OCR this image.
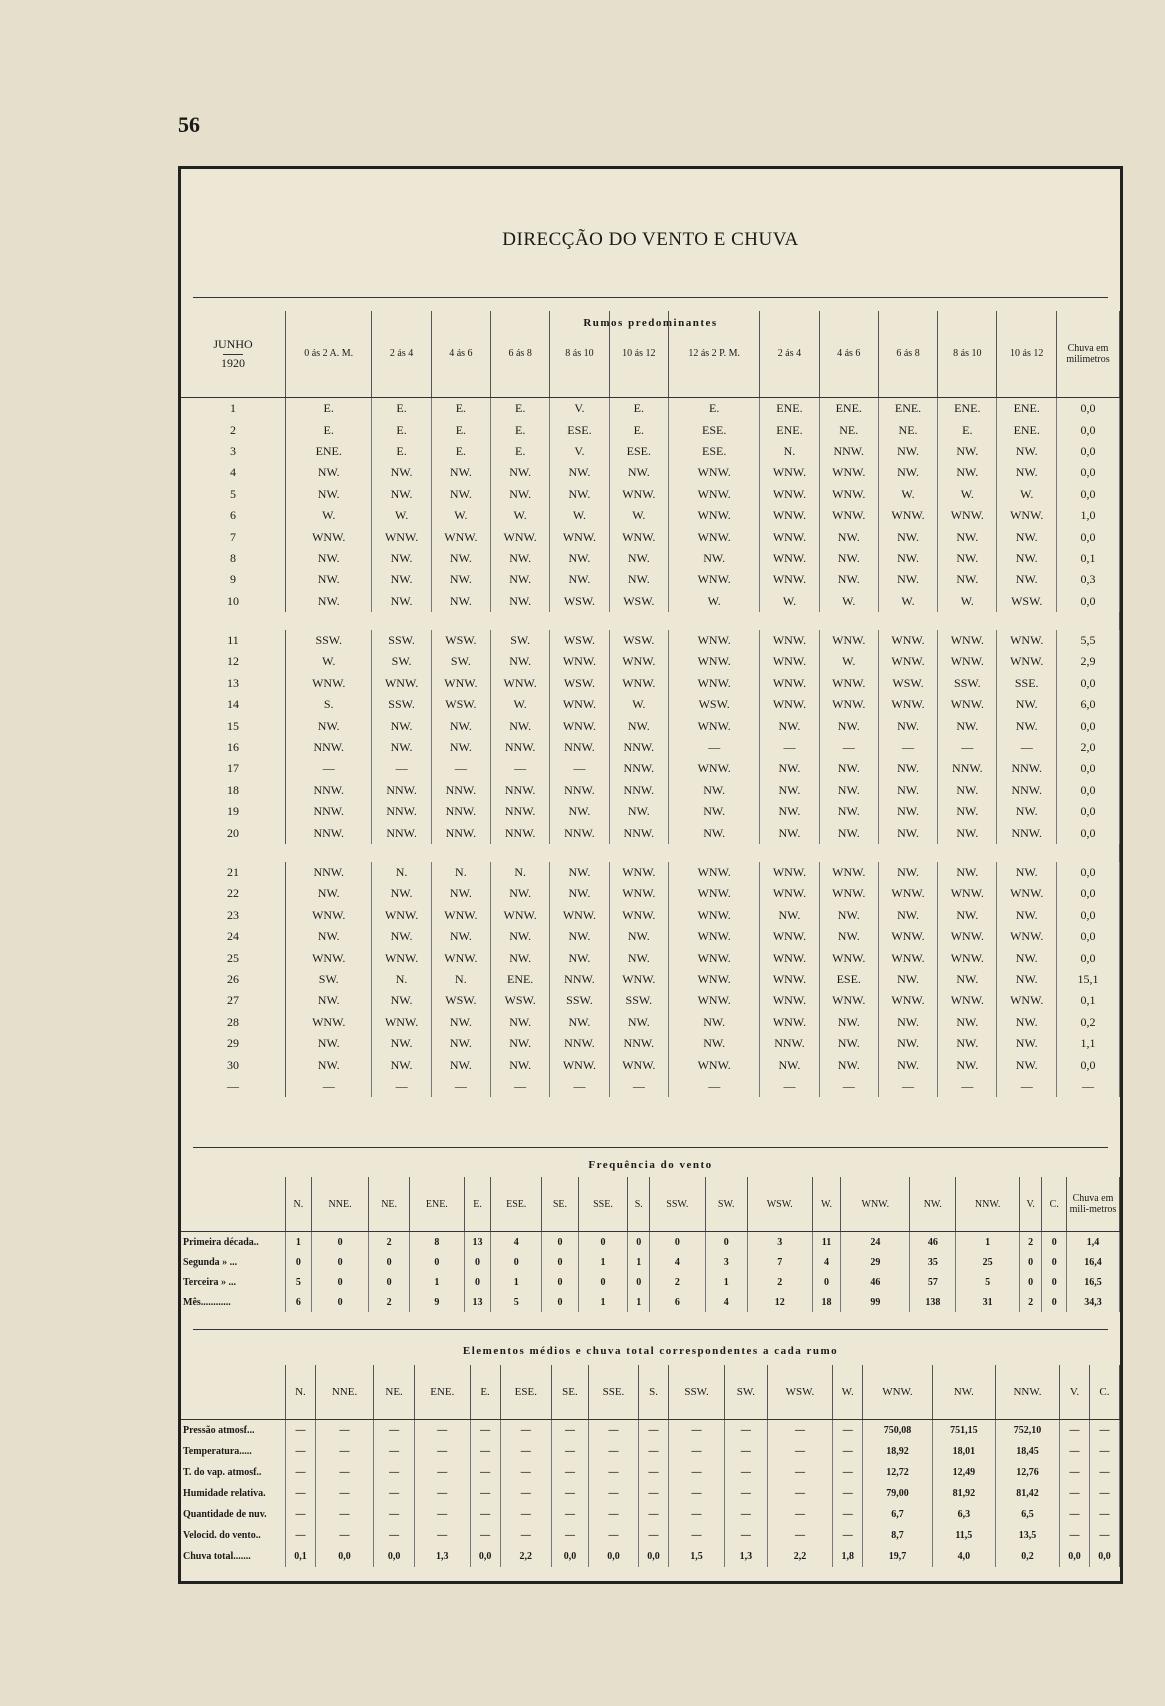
56
DIRECÇÃO DO VENTO E CHUVA
Rumos predominantes
JUNHO
1920	0 ás 2 A. M.	2 ás 4	4 ás 6	6 ás 8	8 ás 10	10 ás 12	12 ás 2 P. M.	2 ás 4	4 ás 6	6 ás 8	8 ás 10	10 ás 12	Chuva em milimetros
1	E.	E.	E.	E.	V.	E.	E.	ENE.	ENE.	ENE.	ENE.	ENE.	0,0
2	E.	E.	E.	E.	ESE.	E.	ESE.	ENE.	NE.	NE.	E.	ENE.	0,0
3	ENE.	E.	E.	E.	V.	ESE.	ESE.	N.	NNW.	NW.	NW.	NW.	0,0
4	NW.	NW.	NW.	NW.	NW.	NW.	WNW.	WNW.	WNW.	NW.	NW.	NW.	0,0
5	NW.	NW.	NW.	NW.	NW.	WNW.	WNW.	WNW.	WNW.	W.	W.	W.	0,0
6	W.	W.	W.	W.	W.	W.	WNW.	WNW.	WNW.	WNW.	WNW.	WNW.	1,0
7	WNW.	WNW.	WNW.	WNW.	WNW.	WNW.	WNW.	WNW.	NW.	NW.	NW.	NW.	0,0
8	NW.	NW.	NW.	NW.	NW.	NW.	NW.	WNW.	NW.	NW.	NW.	NW.	0,1
9	NW.	NW.	NW.	NW.	NW.	NW.	WNW.	WNW.	NW.	NW.	NW.	NW.	0,3
10	NW.	NW.	NW.	NW.	WSW.	WSW.	W.	W.	W.	W.	W.	WSW.	0,0

11	SSW.	SSW.	WSW.	SW.	WSW.	WSW.	WNW.	WNW.	WNW.	WNW.	WNW.	WNW.	5,5
12	W.	SW.	SW.	NW.	WNW.	WNW.	WNW.	WNW.	W.	WNW.	WNW.	WNW.	2,9
13	WNW.	WNW.	WNW.	WNW.	WSW.	WNW.	WNW.	WNW.	WNW.	WSW.	SSW.	SSE.	0,0
14	S.	SSW.	WSW.	W.	WNW.	W.	WSW.	WNW.	WNW.	WNW.	WNW.	NW.	6,0
15	NW.	NW.	NW.	NW.	WNW.	NW.	WNW.	NW.	NW.	NW.	NW.	NW.	0,0
16	NNW.	NW.	NW.	NNW.	NNW.	NNW.	—	—	—	—	—	—	2,0
17	—	—	—	—	—	NNW.	WNW.	NW.	NW.	NW.	NNW.	NNW.	0,0
18	NNW.	NNW.	NNW.	NNW.	NNW.	NNW.	NW.	NW.	NW.	NW.	NW.	NNW.	0,0
19	NNW.	NNW.	NNW.	NNW.	NW.	NW.	NW.	NW.	NW.	NW.	NW.	NW.	0,0
20	NNW.	NNW.	NNW.	NNW.	NNW.	NNW.	NW.	NW.	NW.	NW.	NW.	NNW.	0,0

21	NNW.	N.	N.	N.	NW.	WNW.	WNW.	WNW.	WNW.	NW.	NW.	NW.	0,0
22	NW.	NW.	NW.	NW.	NW.	WNW.	WNW.	WNW.	WNW.	WNW.	WNW.	WNW.	0,0
23	WNW.	WNW.	WNW.	WNW.	WNW.	WNW.	WNW.	NW.	NW.	NW.	NW.	NW.	0,0
24	NW.	NW.	NW.	NW.	NW.	NW.	WNW.	WNW.	NW.	WNW.	WNW.	WNW.	0,0
25	WNW.	WNW.	WNW.	NW.	NW.	NW.	WNW.	WNW.	WNW.	WNW.	WNW.	NW.	0,0
26	SW.	N.	N.	ENE.	NNW.	WNW.	WNW.	WNW.	ESE.	NW.	NW.	NW.	15,1
27	NW.	NW.	WSW.	WSW.	SSW.	SSW.	WNW.	WNW.	WNW.	WNW.	WNW.	WNW.	0,1
28	WNW.	WNW.	NW.	NW.	NW.	NW.	NW.	WNW.	NW.	NW.	NW.	NW.	0,2
29	NW.	NW.	NW.	NW.	NNW.	NNW.	NW.	NNW.	NW.	NW.	NW.	NW.	1,1
30	NW.	NW.	NW.	NW.	WNW.	WNW.	WNW.	NW.	NW.	NW.	NW.	NW.	0,0
—	—	—	—	—	—	—	—	—	—	—	—	—	—
Frequência do vento
	N.	NNE.	NE.	ENE.	E.	ESE.	SE.	SSE.	S.	SSW.	SW.	WSW.	W.	WNW.	NW.	NNW.	V.	C.	Chuva em mili-metros
Primeira década..	1	0	2	8	13	4	0	0	0	0	0	3	11	24	46	1	2	0	1,4
Segunda » ...	0	0	0	0	0	0	0	1	1	4	3	7	4	29	35	25	0	0	16,4
Terceira » ...	5	0	0	1	0	1	0	0	0	2	1	2	0	46	57	5	0	0	16,5
Mês............	6	0	2	9	13	5	0	1	1	6	4	12	18	99	138	31	2	0	34,3
Elementos médios e chuva total correspondentes a cada rumo
	N.	NNE.	NE.	ENE.	E.	ESE.	SE.	SSE.	S.	SSW.	SW.	WSW.	W.	WNW.	NW.	NNW.	V.	C.
Pressão atmosf...	—	—	—	—	—	—	—	—	—	—	—	—	—	750,08	751,15	752,10	—	—
Temperatura.....	—	—	—	—	—	—	—	—	—	—	—	—	—	18,92	18,01	18,45	—	—
T. do vap. atmosf..	—	—	—	—	—	—	—	—	—	—	—	—	—	12,72	12,49	12,76	—	—
Humidade relativa.	—	—	—	—	—	—	—	—	—	—	—	—	—	79,00	81,92	81,42	—	—
Quantidade de nuv.	—	—	—	—	—	—	—	—	—	—	—	—	—	6,7	6,3	6,5	—	—
Velocid. do vento..	—	—	—	—	—	—	—	—	—	—	—	—	—	8,7	11,5	13,5	—	—
Chuva total.......	0,1	0,0	0,0	1,3	0,0	2,2	0,0	0,0	0,0	1,5	1,3	2,2	1,8	19,7	4,0	0,2	0,0	0,0
